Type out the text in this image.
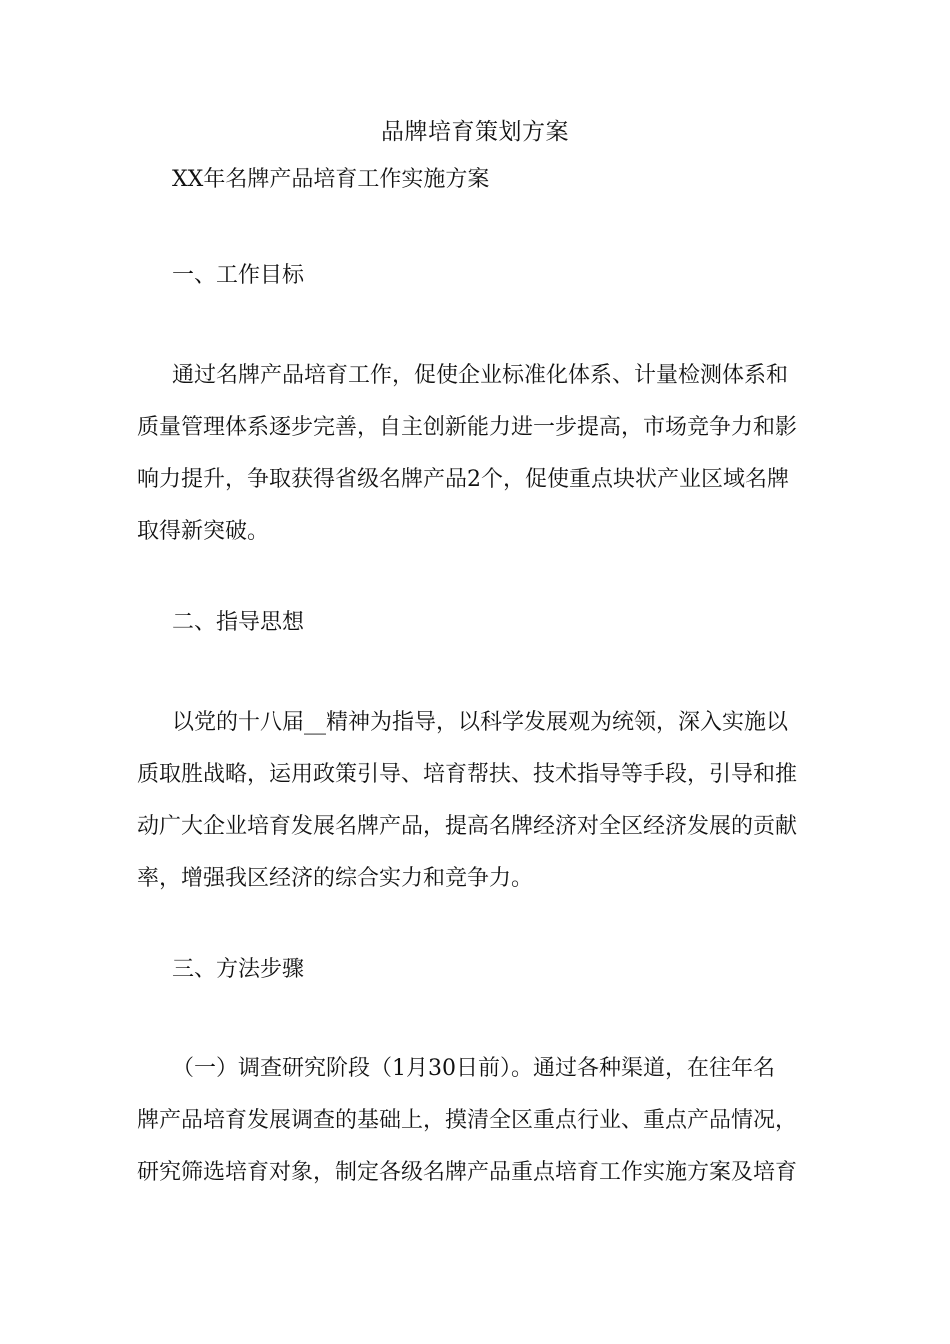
品牌培育策划方案
XX年名牌产品培育工作实施方案
一、工作目标
通过名牌产品培育工作，促使企业标准化体系、计量检测体系和
质量管理体系逐步完善，自主创新能力进一步提高，市场竞争力和影
响力提升，争取获得省级名牌产品2个，促使重点块状产业区域名牌
取得新突破。
二、指导思想
以党的十八届__精神为指导，以科学发展观为统领，深入实施以
质取胜战略，运用政策引导、培育帮扶、技术指导等手段，引导和推
动广大企业培育发展名牌产品，提高名牌经济对全区经济发展的贡献
率，增强我区经济的综合实力和竞争力。
三、方法步骤
（一）调查研究阶段（1月30日前）。通过各种渠道，在往年名
牌产品培育发展调查的基础上，摸清全区重点行业、重点产品情况，
研究筛选培育对象，制定各级名牌产品重点培育工作实施方案及培育
